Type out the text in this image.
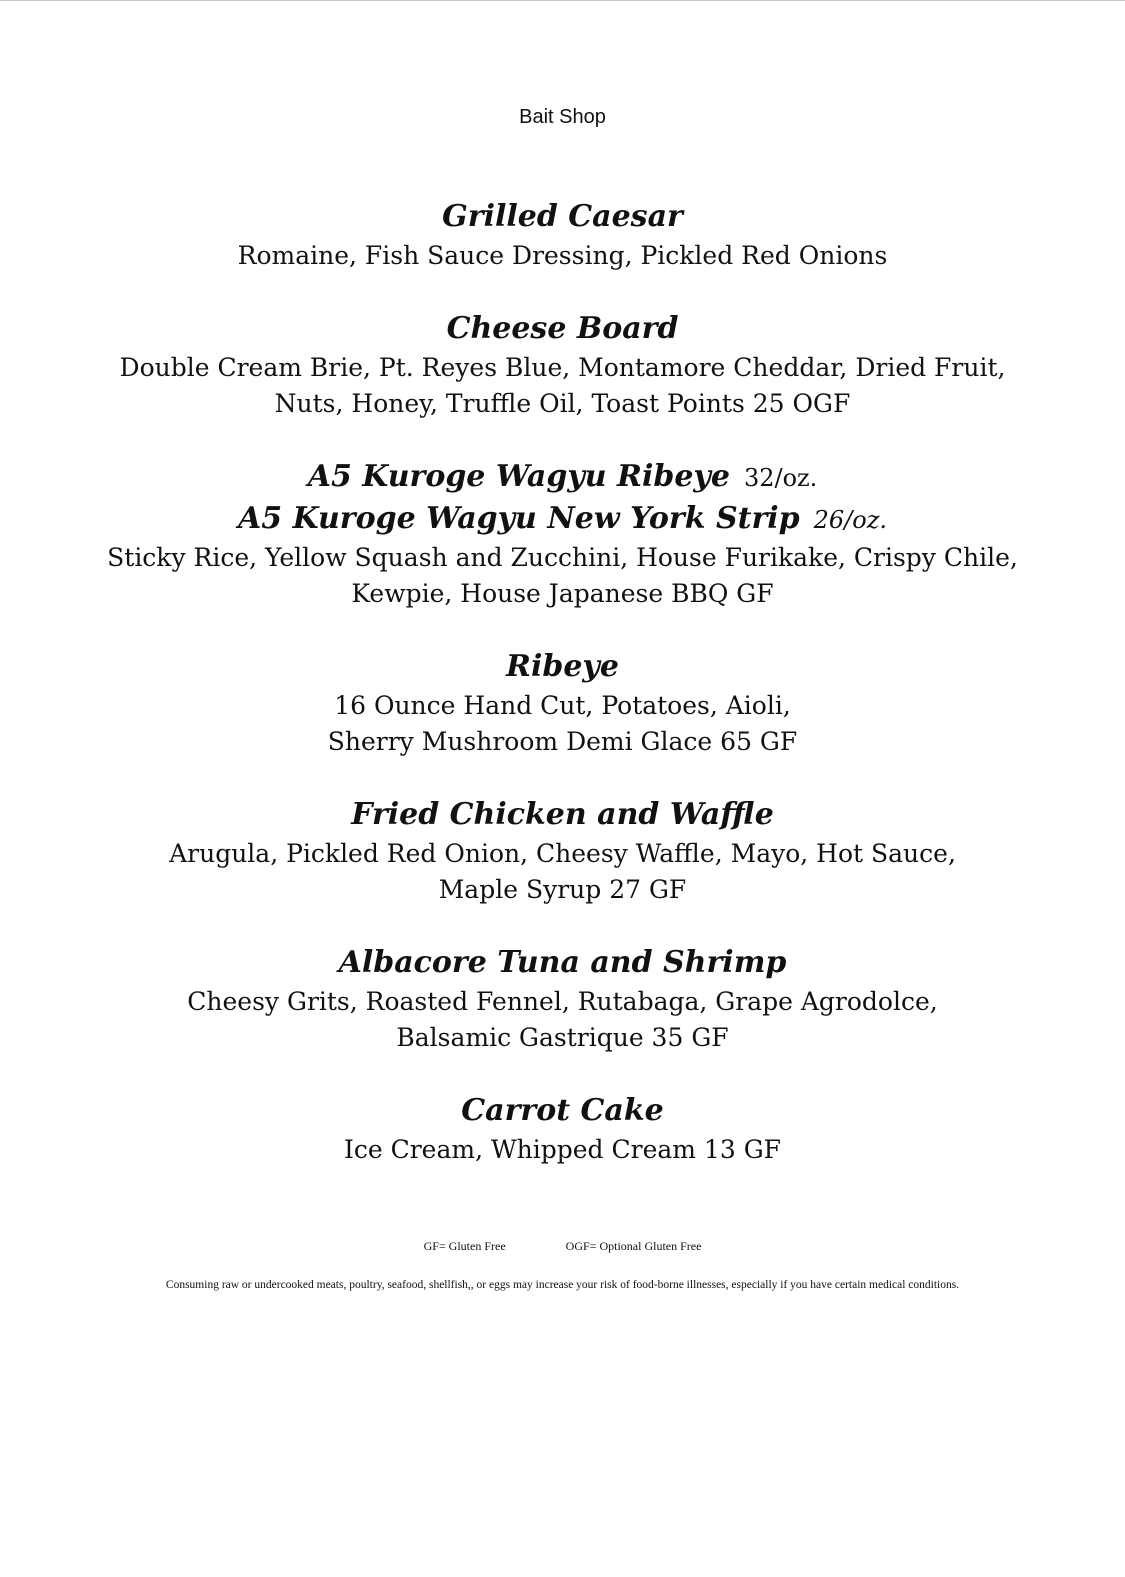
Bait Shop
Grilled Caesar
Romaine, Fish Sauce Dressing, Pickled Red Onions
Cheese Board
Double Cream Brie, Pt. Reyes Blue, Montamore Cheddar, Dried Fruit,
Nuts, Honey, Truffle Oil, Toast Points 25 OGF
A5 Kuroge Wagyu Ribeye 32/oz.
A5 Kuroge Wagyu New York Strip 26/oz.
Sticky Rice, Yellow Squash and Zucchini, House Furikake, Crispy Chile,
Kewpie, House Japanese BBQ GF
Ribeye
16 Ounce Hand Cut, Potatoes, Aioli,
Sherry Mushroom Demi Glace 65 GF
Fried Chicken and Waffle
Arugula, Pickled Red Onion, Cheesy Waffle, Mayo, Hot Sauce,
Maple Syrup 27 GF
Albacore Tuna and Shrimp
Cheesy Grits, Roasted Fennel, Rutabaga, Grape Agrodolce,
Balsamic Gastrique 35 GF
Carrot Cake
Ice Cream, Whipped Cream 13 GF
GF= Gluten Free	OGF= Optional Gluten Free
Consuming raw or undercooked meats, poultry, seafood, shellfish,, or eggs may increase your risk of food-borne illnesses, especially if you have certain medical conditions.
